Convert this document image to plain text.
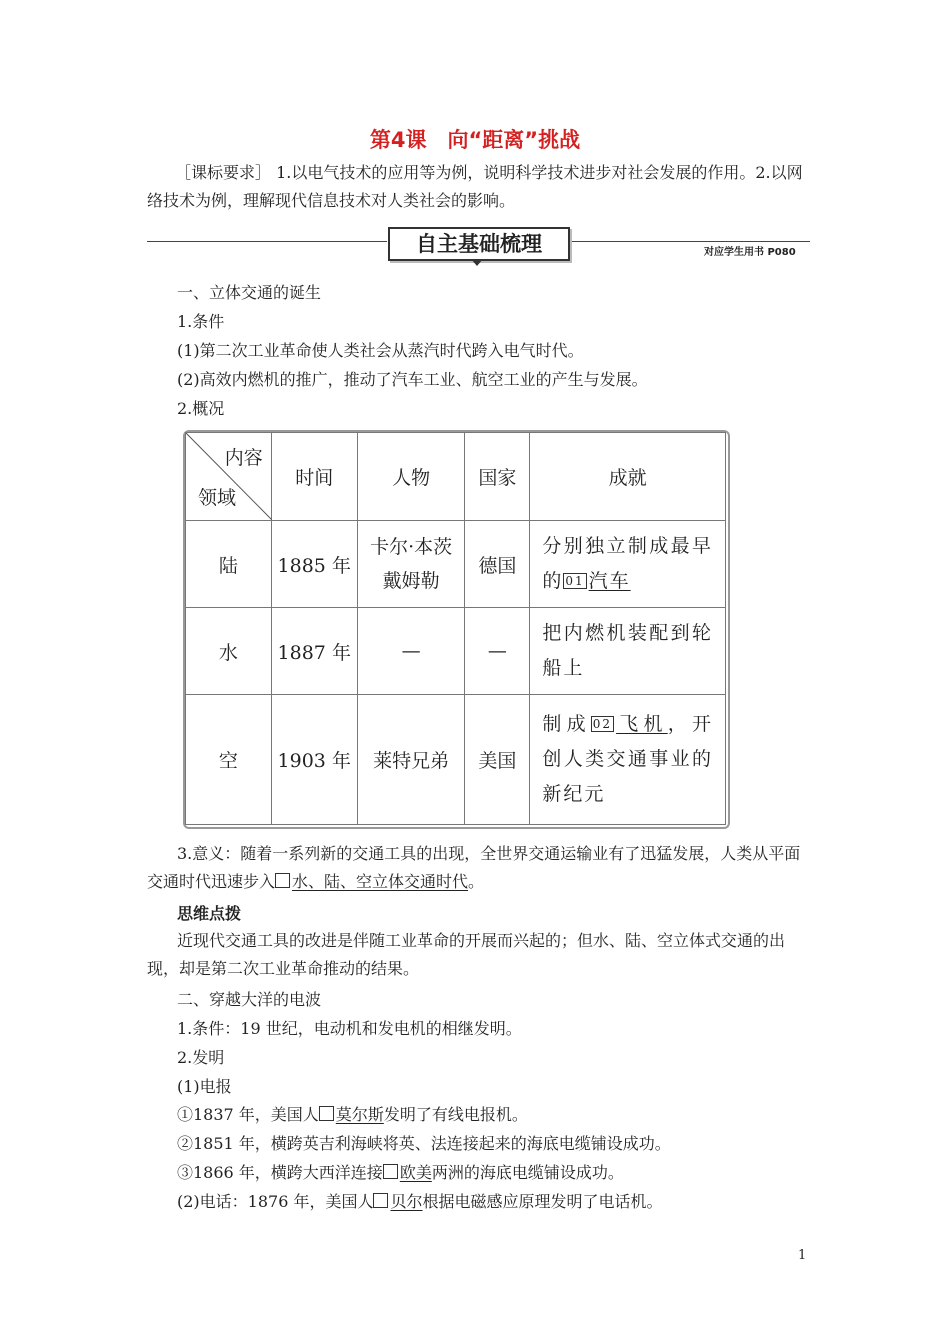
第4课　向“距离”挑战
［课标要求］ 1.以电气技术的应用等为例，说明科学技术进步对社会发展的作用。2.以网络技术为例，理解现代信息技术对人类社会的影响。
自主基础梳理	对应学生用书 P080
一、立体交通的诞生
1.条件
(1)第二次工业革命使人类社会从蒸汽时代跨入电气时代。
(2)高效内燃机的推广，推动了汽车工业、航空工业的产生与发展。
2.概况
内容
领域	时间	人物	国家	成就
陆	1885 年	卡尔·本茨戴姆勒	德国	分别独立制成最早的 01 汽车
水	1887 年	—	—	把内燃机装配到轮船上
空	1903 年	莱特兄弟	美国	制成 02 飞机，开创人类交通事业的新纪元
3.意义：随着一系列新的交通工具的出现，全世界交通运输业有了迅猛发展，人类从平面交通时代迅速步入 水、陆、空立体交通时代。
思维点拨
近现代交通工具的改进是伴随工业革命的开展而兴起的；但水、陆、空立体式交通的出现，却是第二次工业革命推动的结果。
二、穿越大洋的电波
1.条件：19 世纪，电动机和发电机的相继发明。
2.发明
(1)电报
①1837 年，美国人 莫尔斯发明了有线电报机。
②1851 年，横跨英吉利海峡将英、法连接起来的海底电缆铺设成功。
③1866 年，横跨大西洋连接 欧美两洲的海底电缆铺设成功。
(2)电话：1876 年，美国人 贝尔根据电磁感应原理发明了电话机。
1
